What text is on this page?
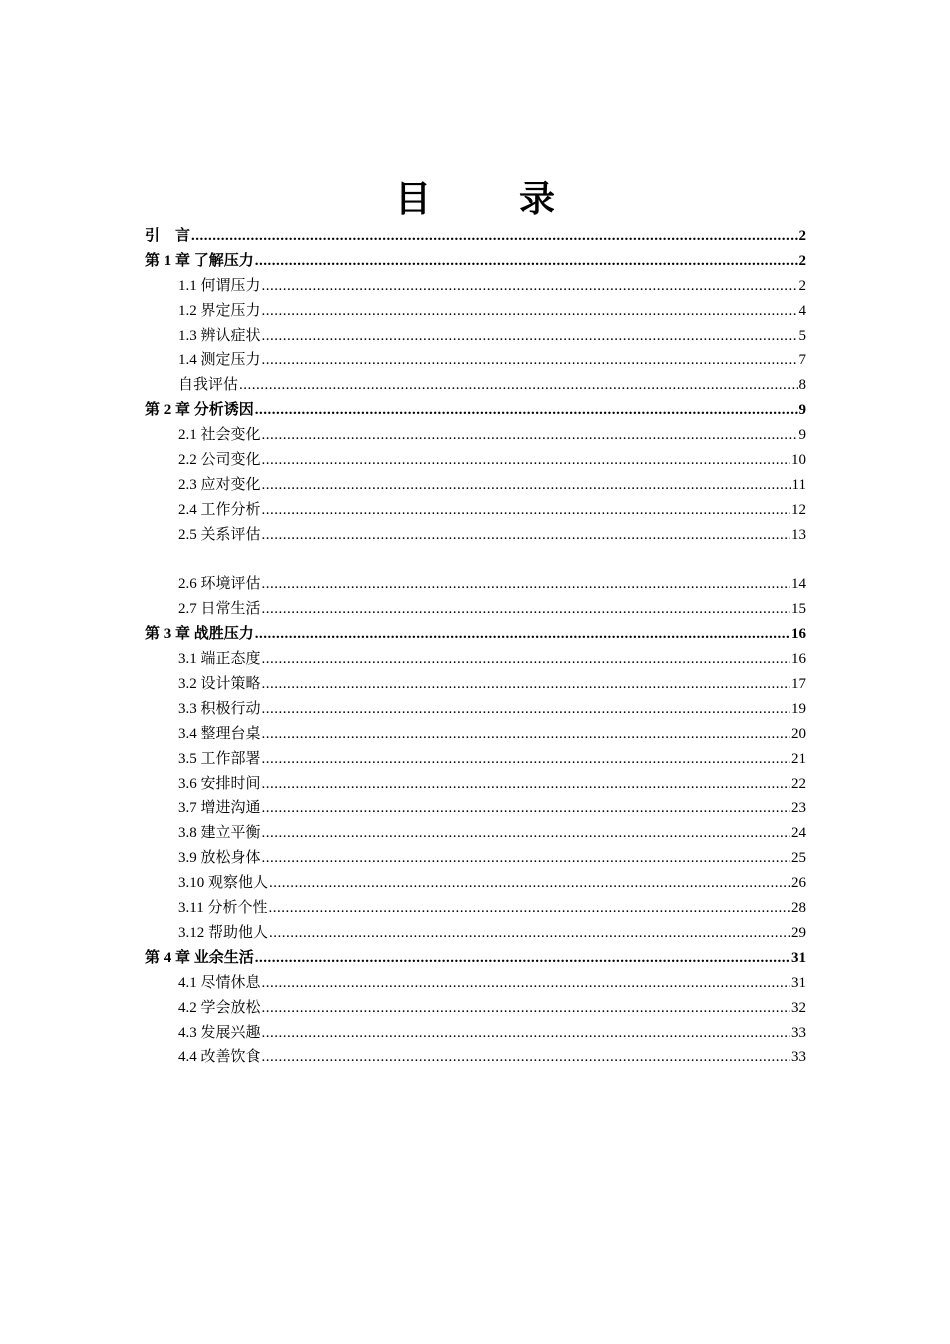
目　录
引　言 .....	2
第 1 章 了解压力 .....	2
1.1 何谓压力 .....	2
1.2 界定压力 .....	4
1.3 辨认症状 .....	5
1.4 测定压力 .....	7
自我评估 .....	8
第 2 章 分析诱因 .....	9
2.1 社会变化 .....	9
2.2 公司变化 .....	10
2.3 应对变化 .....	11
2.4 工作分析 .....	12
2.5 关系评估 .....	13
2.6 环境评估 .....	14
2.7 日常生活 .....	15
第 3 章 战胜压力 .....	16
3.1 端正态度 .....	16
3.2 设计策略 .....	17
3.3 积极行动 .....	19
3.4 整理台桌 .....	20
3.5 工作部署 .....	21
3.6 安排时间 .....	22
3.7 增进沟通 .....	23
3.8 建立平衡 .....	24
3.9 放松身体 .....	25
3.10 观察他人 .....	26
3.11 分析个性 .....	28
3.12 帮助他人 .....	29
第 4 章 业余生活 .....	31
4.1 尽情休息 .....	31
4.2 学会放松 .....	32
4.3 发展兴趣 .....	33
4.4 改善饮食 .....	33
